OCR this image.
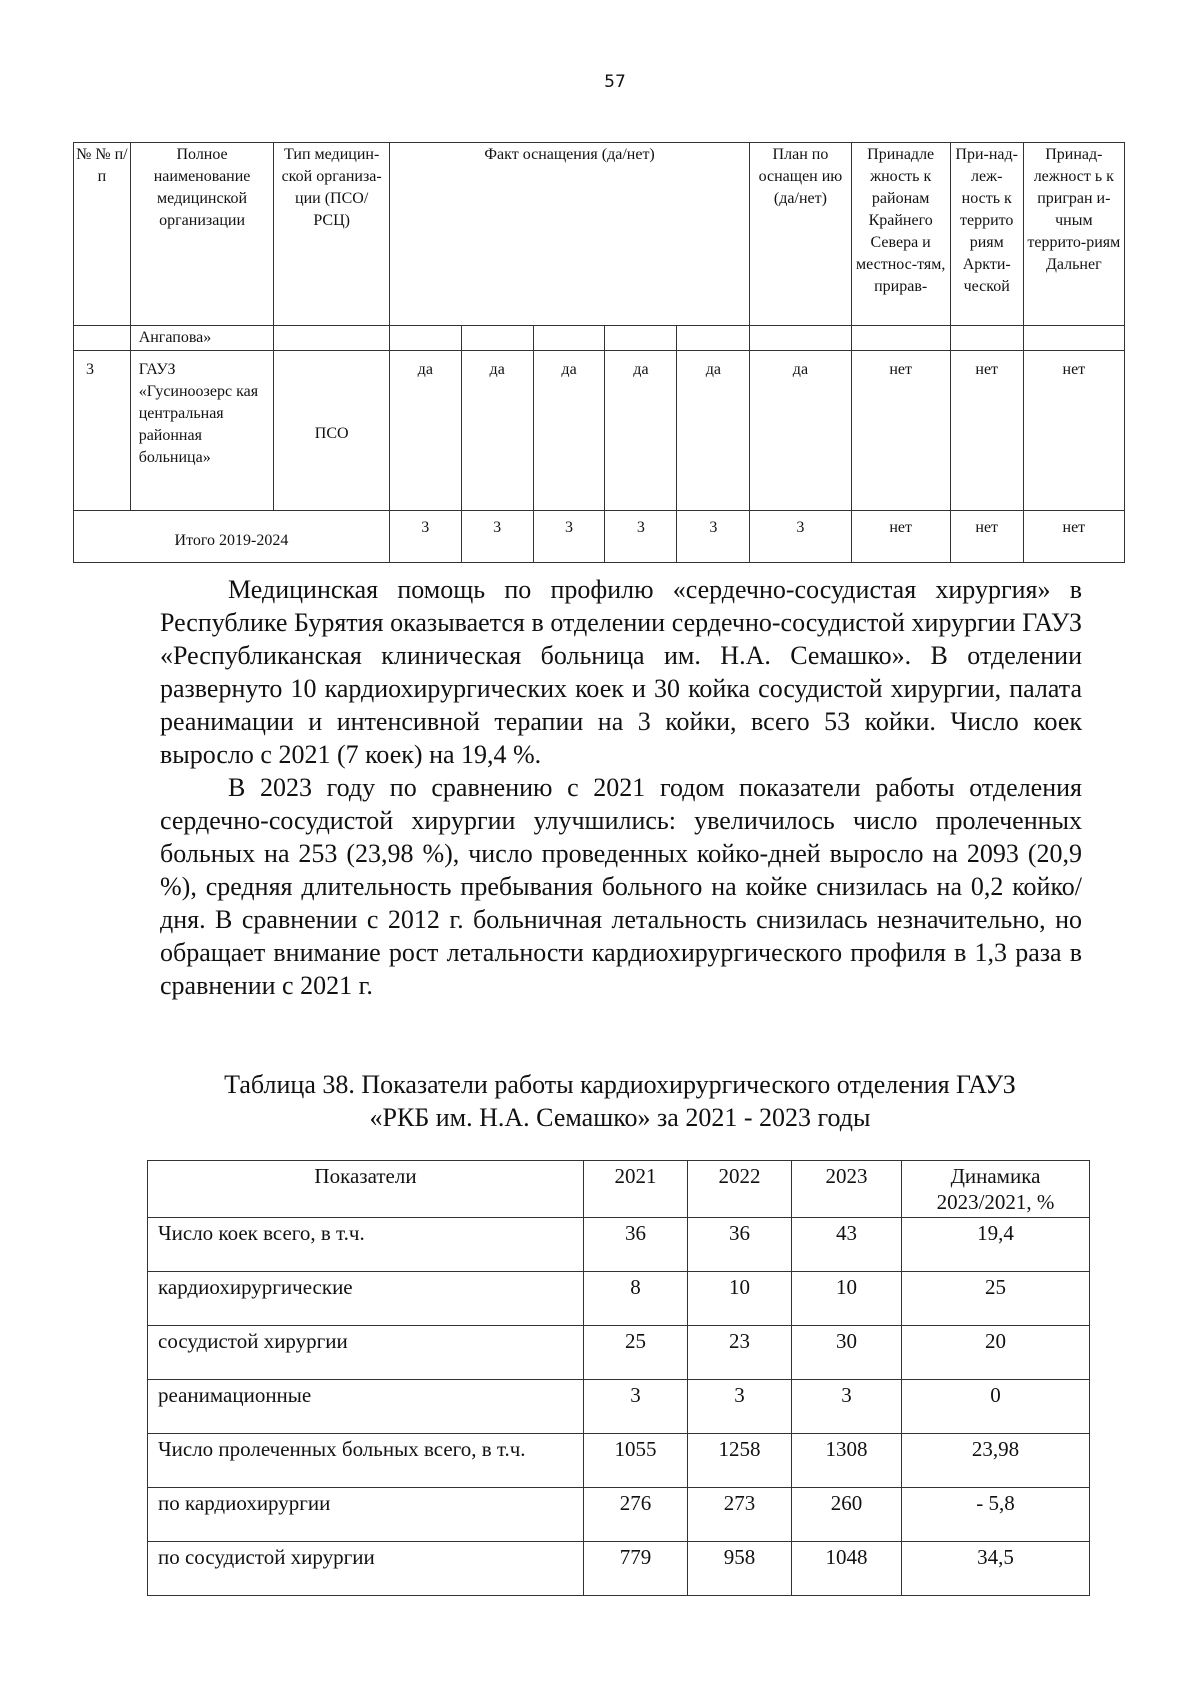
57
№ № п/п	Полное наименование медицинской организации	Тип медицин-ской организа-ции (ПСО/ РСЦ)	Факт оснащения (да/нет)					План по оснащен ию (да/нет)	Принадле жность к районам Крайнего Севера и местнос-тям, прирав-	При-над-леж-ность к террито риям Аркти-ческой	Принад-лежност ь к пригран и-чным террито-риям Дальнег

	Ангапова»										
3	ГАУЗ «Гусиноозерс кая центральная районная больница»	ПСО	да	да	да	да	да	да	нет	нет	нет
Итого 2019-2024			3	3	3	3	3	3	нет	нет	нет

Медицинская помощь по профилю «сердечно-сосудистая хирургия» в Республике Бурятия оказывается в отделении сердечно-сосудистой хирургии ГАУЗ «Республиканская клиническая больница им. Н.А. Семашко». В отделении развернуто 10 кардиохирургических коек и 30 койка сосудистой хирургии, палата реанимации и интенсивной терапии на 3 койки, всего 53 койки. Число коек выросло с 2021 (7 коек) на 19,4 %.

В 2023 году по сравнению с 2021 годом показатели работы отделения сердечно-сосудистой хирургии улучшились: увеличилось число пролеченных больных на 253 (23,98 %), число проведенных койко-дней выросло на 2093 (20,9 %), средняя длительность пребывания больного на койке снизилась на 0,2 койко/дня. В сравнении с 2012 г. больничная летальность снизилась незначительно, но обращает внимание рост летальности кардиохирургического профиля в 1,3 раза в сравнении с 2021 г.

Таблица 38. Показатели работы кардиохирургического отделения ГАУЗ
«РКБ им. Н.А. Семашко» за 2021 - 2023 годы
Показатели	2021	2022	2023	Динамика 2023/2021, %
Число коек всего, в т.ч.	36	36	43	19,4
кардиохирургические	8	10	10	25
сосудистой хирургии	25	23	30	20
реанимационные	3	3	3	0
Число пролеченных больных всего, в т.ч.	1055	1258	1308	23,98
по кардиохирургии	276	273	260	- 5,8
по сосудистой хирургии	779	958	1048	34,5
